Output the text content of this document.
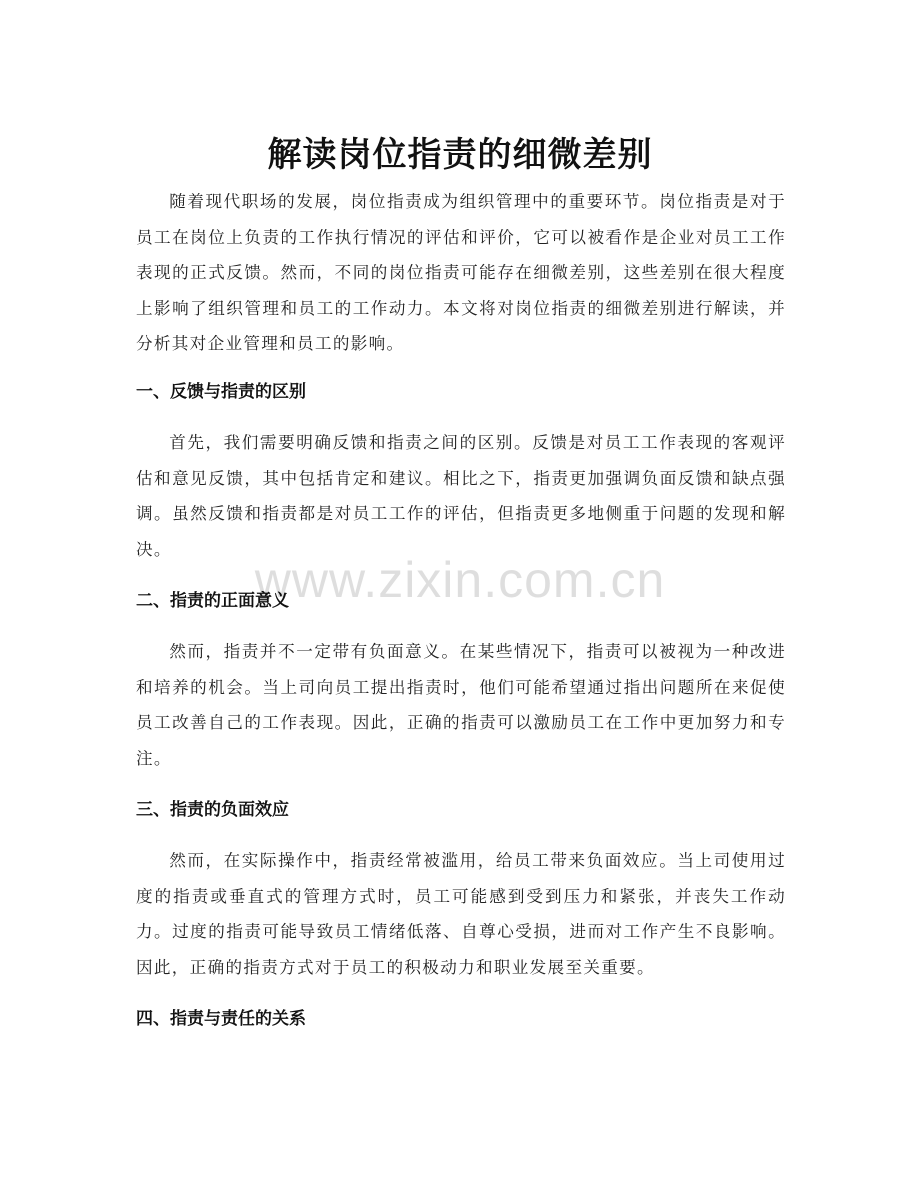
解读岗位指责的细微差别

随着现代职场的发展，岗位指责成为组织管理中的重要环节。岗位指责是对于员工在岗位上负责的工作执行情况的评估和评价，它可以被看作是企业对员工工作表现的正式反馈。然而，不同的岗位指责可能存在细微差别，这些差别在很大程度上影响了组织管理和员工的工作动力。本文将对岗位指责的细微差别进行解读，并分析其对企业管理和员工的影响。

一、反馈与指责的区别

首先，我们需要明确反馈和指责之间的区别。反馈是对员工工作表现的客观评估和意见反馈，其中包括肯定和建议。相比之下，指责更加强调负面反馈和缺点强调。虽然反馈和指责都是对员工工作的评估，但指责更多地侧重于问题的发现和解决。

二、指责的正面意义

然而，指责并不一定带有负面意义。在某些情况下，指责可以被视为一种改进和培养的机会。当上司向员工提出指责时，他们可能希望通过指出问题所在来促使员工改善自己的工作表现。因此，正确的指责可以激励员工在工作中更加努力和专注。

三、指责的负面效应

然而，在实际操作中，指责经常被滥用，给员工带来负面效应。当上司使用过度的指责或垂直式的管理方式时，员工可能感到受到压力和紧张，并丧失工作动力。过度的指责可能导致员工情绪低落、自尊心受损，进而对工作产生不良影响。因此，正确的指责方式对于员工的积极动力和职业发展至关重要。

四、指责与责任的关系
www.zixin.com.cn
